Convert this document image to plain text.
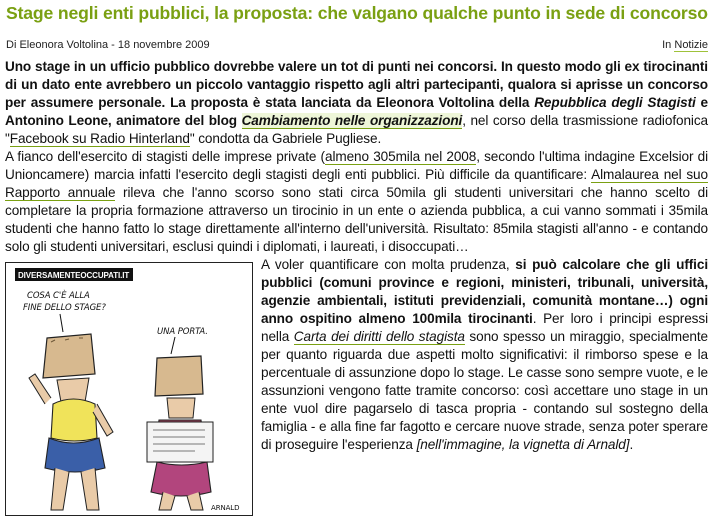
Stage negli enti pubblici, la proposta: che valgano qualche punto in sede di concorso
Di Eleonora Voltolina - 18 novembre 2009	In Notizie

Uno stage in un ufficio pubblico dovrebbe valere un tot di punti nei concorsi. In questo modo gli ex tirocinanti di un dato ente avrebbero un piccolo vantaggio rispetto agli altri partecipanti, qualora si aprisse un concorso per assumere personale. La proposta è stata lanciata da Eleonora Voltolina della Repubblica degli Stagisti e Antonino Leone, animatore del blog Cambiamento nelle organizzazioni, nel corso della trasmissione radiofonica "Facebook su Radio Hinterland" condotta da Gabriele Pugliese.

A fianco dell'esercito di stagisti delle imprese private (almeno 305mila nel 2008, secondo l'ultima indagine Excelsior di Unioncamere) marcia infatti l'esercito degli stagisti degli enti pubblici. Più difficile da quantificare: Almalaurea nel suo Rapporto annuale rileva che l'anno scorso sono stati circa 50mila gli studenti universitari che hanno scelto di completare la propria formazione attraverso un tirocinio in un ente o azienda pubblica, a cui vanno sommati i 35mila studenti che hanno fatto lo stage direttamente all'interno dell'università. Risultato: 85mila stagisti all'anno - e contando solo gli studenti universitari, esclusi quindi i diplomati, i laureati, i disoccupati…

DIVERSAMENTEOCCUPATI.IT
COSA C'È ALLA
FINE DELLO STAGE?
UNA PORTA.
ARNALD

A voler quantificare con molta prudenza, si può calcolare che gli uffici pubblici (comuni province e regioni, ministeri, tribunali, università, agenzie ambientali, istituti previdenziali, comunità montane…) ogni anno ospitino almeno 100mila tirocinanti. Per loro i principi espressi nella Carta dei diritti dello stagista sono spesso un miraggio, specialmente per quanto riguarda due aspetti molto significativi: il rimborso spese e la percentuale di assunzione dopo lo stage. Le casse sono sempre vuote, e le assunzioni vengono fatte tramite concorso: così accettare uno stage in un ente vuol dire pagarselo di tasca propria - contando sul sostegno della famiglia - e alla fine far fagotto e cercare nuove strade, senza poter sperare di proseguire l'esperienza [nell'immagine, la vignetta di Arnald].
